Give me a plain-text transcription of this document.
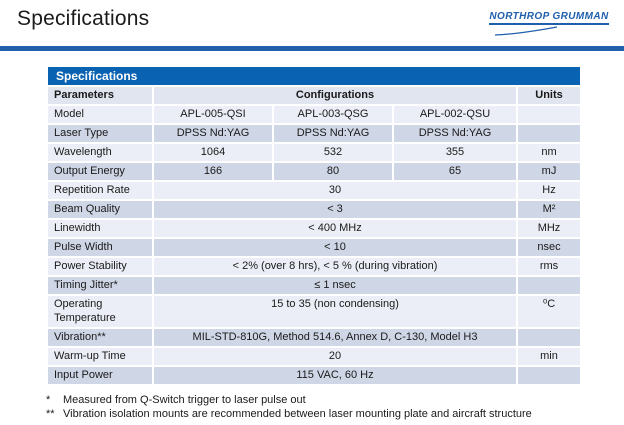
Specifications	NORTHROP GRUMMAN
Specifications				
Parameters	Configurations			Units
Model	APL-005-QSI	APL-003-QSG	APL-002-QSU	
Laser Type	DPSS Nd:YAG	DPSS Nd:YAG	DPSS Nd:YAG	
Wavelength	1064	532	355	nm
Output Energy	166	80	65	mJ
Repetition Rate	30			Hz
Beam Quality	< 3			M²
Linewidth	< 400 MHz			MHz
Pulse Width	< 10			nsec
Power Stability	< 2% (over 8 hrs), < 5 % (during vibration)			rms
Timing Jitter*	≤ 1 nsec			
Operating Temperature	15 to 35 (non condensing)			⁰C
Vibration**	MIL-STD-810G, Method 514.6, Annex D, C-130, Model H3			
Warm-up Time	20			min
Input Power	115 VAC, 60 Hz			
*	Measured from Q-Switch trigger to laser pulse out
** Vibration isolation mounts are recommended between laser mounting plate and aircraft structure
